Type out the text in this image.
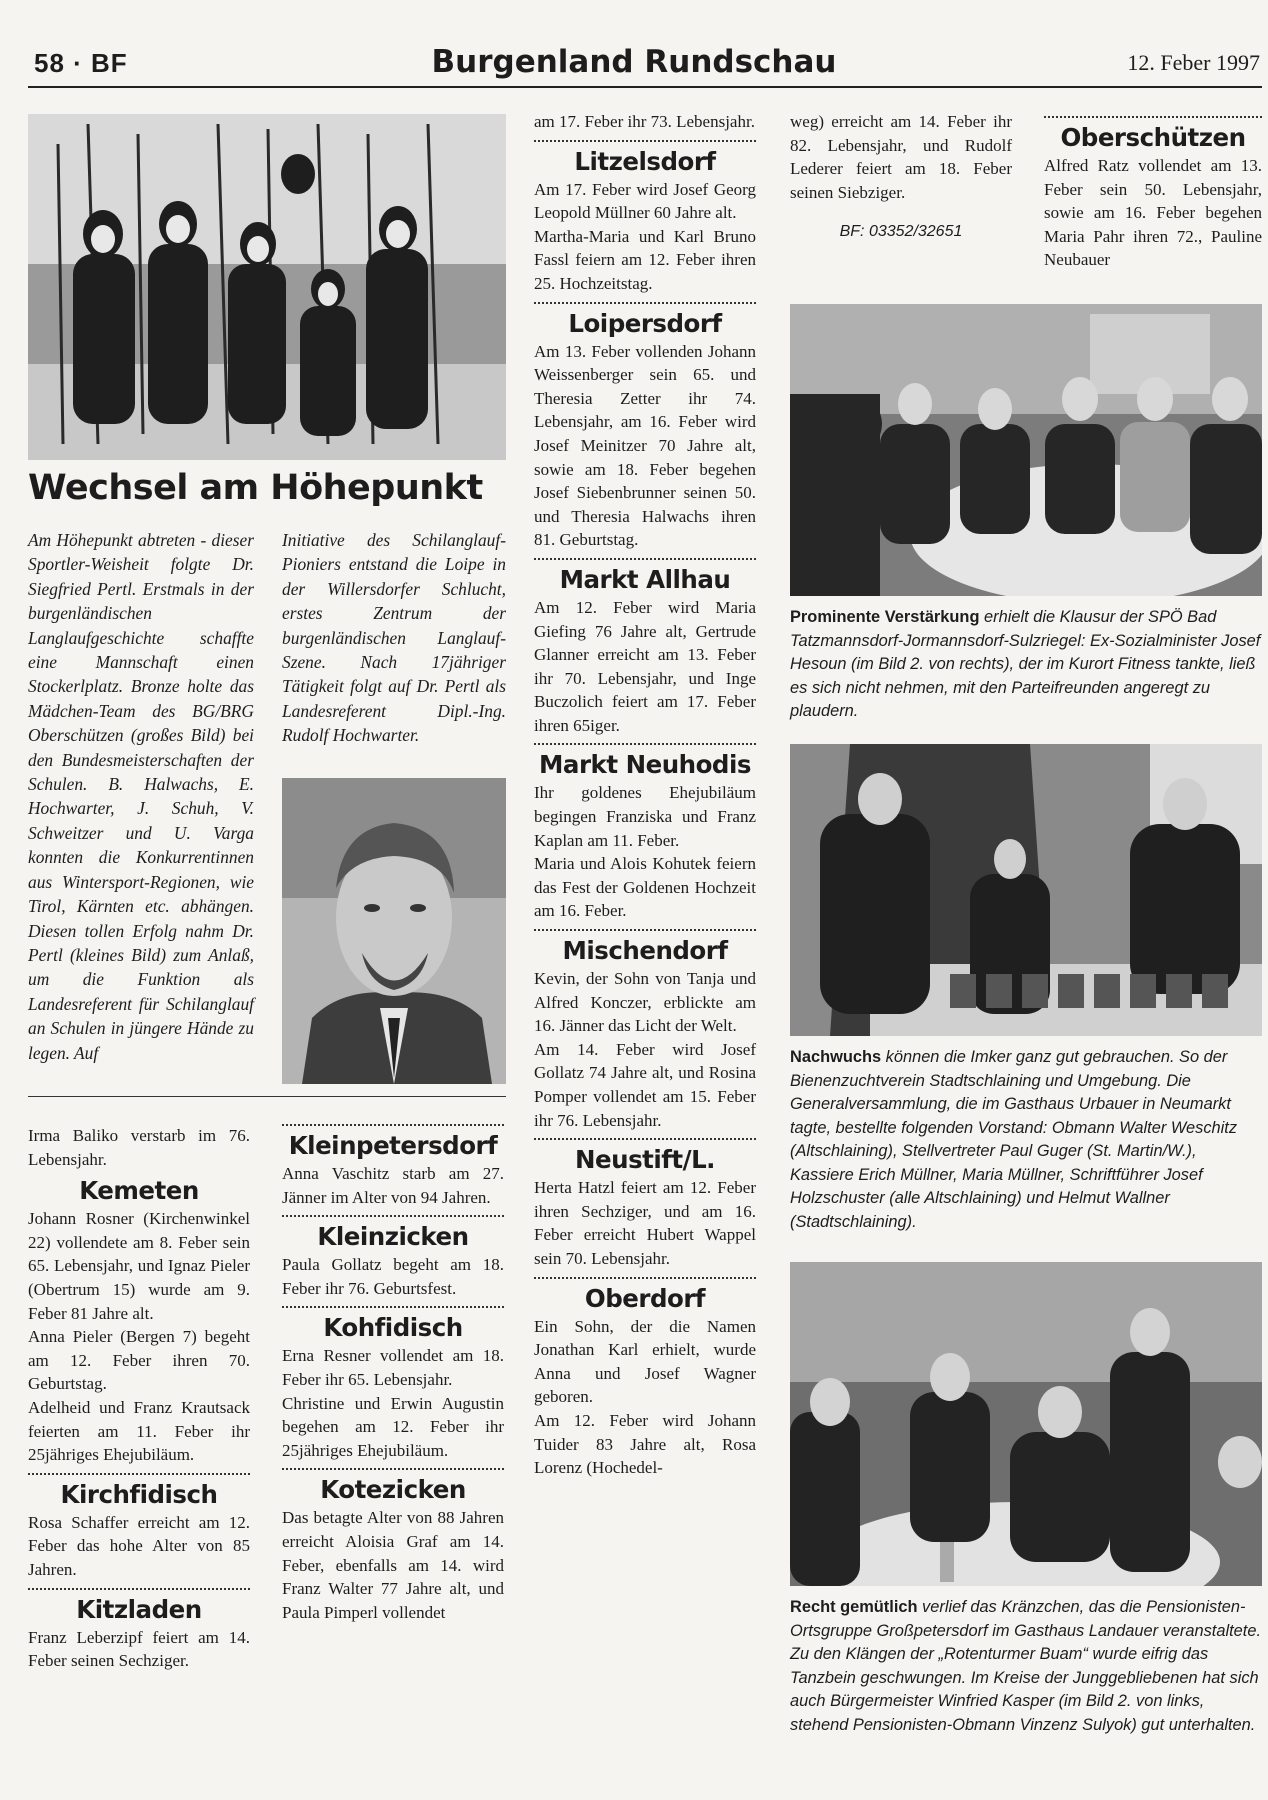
58 · BF	Burgenland Rundschau	12. Feber 1997
Wechsel am Höhepunkt
Am Höhepunkt abtreten - dieser Sportler-Weisheit folgte Dr. Siegfried Pertl. Erstmals in der burgenländischen Langlaufgeschichte schaffte eine Mannschaft einen Stockerlplatz. Bronze holte das Mädchen-Team des BG/BRG Oberschützen (großes Bild) bei den Bundesmeisterschaften der Schulen. B. Halwachs, E. Hochwarter, J. Schuh, V. Schweitzer und U. Varga konnten die Konkurrentinnen aus Wintersport-Regionen, wie Tirol, Kärnten etc. abhängen. Diesen tollen Erfolg nahm Dr. Pertl (kleines Bild) zum Anlaß, um die Funktion als Landesreferent für Schilanglauf an Schulen in jüngere Hände zu legen. Auf
Initiative des Schilanglauf-Pioniers entstand die Loipe in der Willersdorfer Schlucht, erstes Zentrum der burgenländischen Langlauf-Szene. Nach 17jähriger Tätigkeit folgt auf Dr. Pertl als Landesreferent Dipl.-Ing. Rudolf Hochwarter.

Irma Baliko verstarb im 76. Lebensjahr.

Kemeten

Johann Rosner (Kirchenwinkel 22) vollendete am 8. Feber sein 65. Lebensjahr, und Ignaz Pieler (Obertrum 15) wurde am 9. Feber 81 Jahre alt.

Anna Pieler (Bergen 7) begeht am 12. Feber ihren 70. Geburtstag.

Adelheid und Franz Krautsack feierten am 11. Feber ihr 25jähriges Ehejubiläum.

Kirchfidisch

Rosa Schaffer erreicht am 12. Feber das hohe Alter von 85 Jahren.

Kitzladen

Franz Leberzipf feiert am 14. Feber seinen Sechziger.

Kleinpetersdorf

Anna Vaschitz starb am 27. Jänner im Alter von 94 Jahren.

Kleinzicken

Paula Gollatz begeht am 18. Feber ihr 76. Geburtsfest.

Kohfidisch

Erna Resner vollendet am 18. Feber ihr 65. Lebensjahr.

Christine und Erwin Augustin begehen am 12. Feber ihr 25jähriges Ehejubiläum.

Kotezicken

Das betagte Alter von 88 Jahren erreicht Aloisia Graf am 14. Feber, ebenfalls am 14. wird Franz Walter 77 Jahre alt, und Paula Pimperl vollendet

am 17. Feber ihr 73. Lebensjahr.

Litzelsdorf

Am 17. Feber wird Josef Georg Leopold Müllner 60 Jahre alt.

Martha-Maria und Karl Bruno Fassl feiern am 12. Feber ihren 25. Hochzeitstag.

Loipersdorf

Am 13. Feber vollenden Johann Weissenberger sein 65. und Theresia Zetter ihr 74. Lebensjahr, am 16. Feber wird Josef Meinitzer 70 Jahre alt, sowie am 18. Feber begehen Josef Siebenbrunner seinen 50. und Theresia Halwachs ihren 81. Geburtstag.

Markt Allhau

Am 12. Feber wird Maria Giefing 76 Jahre alt, Gertrude Glanner erreicht am 13. Feber ihr 70. Lebensjahr, und Inge Buczolich feiert am 17. Feber ihren 65iger.

Markt Neuhodis

Ihr goldenes Ehejubiläum begingen Franziska und Franz Kaplan am 11. Feber.

Maria und Alois Kohutek feiern das Fest der Goldenen Hochzeit am 16. Feber.

Mischendorf

Kevin, der Sohn von Tanja und Alfred Konczer, erblickte am 16. Jänner das Licht der Welt.

Am 14. Feber wird Josef Gollatz 74 Jahre alt, und Rosina Pomper vollendet am 15. Feber ihr 76. Lebensjahr.

Neustift/L.

Herta Hatzl feiert am 12. Feber ihren Sechziger, und am 16. Feber erreicht Hubert Wappel sein 70. Lebensjahr.

Oberdorf

Ein Sohn, der die Namen Jonathan Karl erhielt, wurde Anna und Josef Wagner geboren.

Am 12. Feber wird Johann Tuider 83 Jahre alt, Rosa Lorenz (Hochedel-

weg) erreicht am 14. Feber ihr 82. Lebensjahr, und Rudolf Lederer feiert am 18. Feber seinen Siebziger.

BF: 03352/32651
Oberschützen

Alfred Ratz vollendet am 13. Feber sein 50. Lebensjahr, sowie am 16. Feber begehen Maria Pahr ihren 72., Pauline Neubauer

Prominente Verstärkung erhielt die Klausur der SPÖ Bad Tatzmannsdorf-Jormannsdorf-Sulzriegel: Ex-Sozialminister Josef Hesoun (im Bild 2. von rechts), der im Kurort Fitness tankte, ließ es sich nicht nehmen, mit den Parteifreunden angeregt zu plaudern.
Nachwuchs können die Imker ganz gut gebrauchen. So der Bienenzuchtverein Stadtschlaining und Umgebung. Die Generalversammlung, die im Gasthaus Urbauer in Neumarkt tagte, bestellte folgenden Vorstand: Obmann Walter Weschitz (Altschlaining), Stellvertreter Paul Guger (St. Martin/W.), Kassiere Erich Müllner, Maria Müllner, Schriftführer Josef Holzschuster (alle Altschlaining) und Helmut Wallner (Stadtschlaining).
Recht gemütlich verlief das Kränzchen, das die Pensionisten-Ortsgruppe Großpetersdorf im Gasthaus Landauer veranstaltete. Zu den Klängen der „Rotenturmer Buam“ wurde eifrig das Tanzbein geschwungen. Im Kreise der Junggebliebenen hat sich auch Bürgermeister Winfried Kasper (im Bild 2. von links, stehend Pensionisten-Obmann Vinzenz Sulyok) gut unterhalten.
